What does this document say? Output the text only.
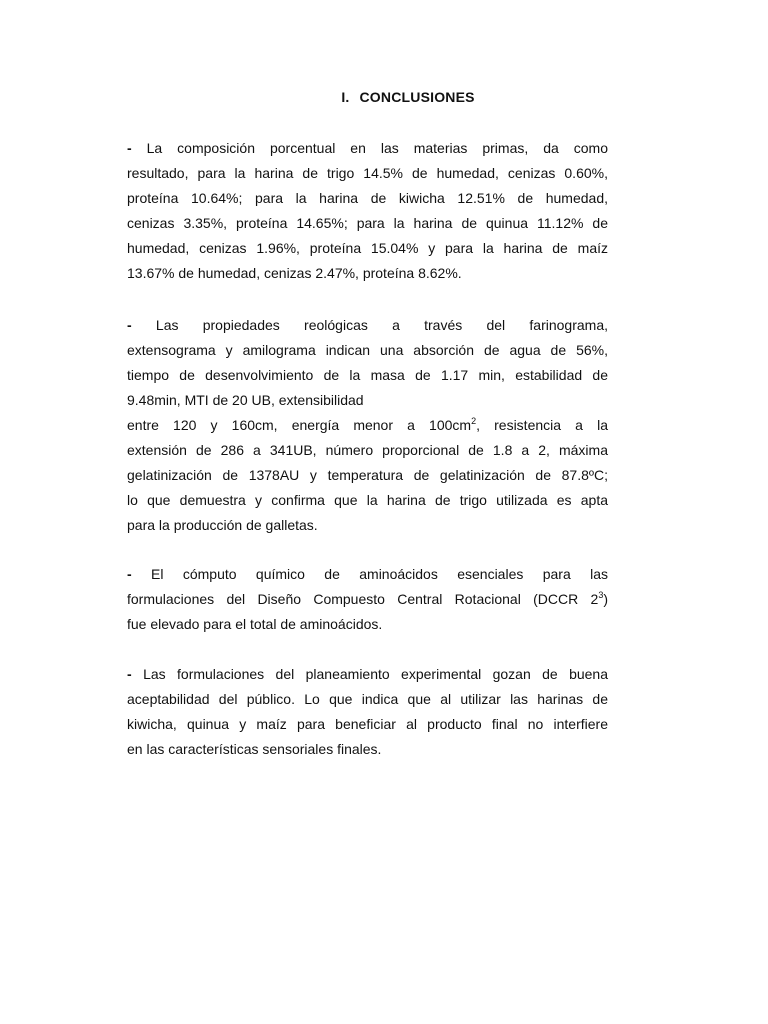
I. CONCLUSIONES
- La composición porcentual en las materias primas, da como
resultado, para la harina de trigo 14.5% de humedad, cenizas 0.60%,
proteína 10.64%; para la harina de kiwicha 12.51% de humedad,
cenizas 3.35%, proteína 14.65%; para la harina de quinua 11.12% de
humedad, cenizas 1.96%, proteína 15.04% y para la harina de maíz
13.67% de humedad, cenizas 2.47%, proteína 8.62%.
- Las propiedades reológicas a través del farinograma,
extensograma y amilograma indican una absorción de agua de 56%,
tiempo de desenvolvimiento de la masa de 1.17 min, estabilidad de
9.48min, MTI de 20 UB, extensibilidad
entre 120 y 160cm, energía menor a $100cm^2$, resistencia a la
extensión de 286 a 341UB, número proporcional de 1.8 a 2, máxima
gelatinización de 1378AU y temperatura de gelatinización de 87.8ºC;
lo que demuestra y confirma que la harina de trigo utilizada es apta
para la producción de galletas.
- El cómputo químico de aminoácidos esenciales para las
formulaciones del Diseño Compuesto Central Rotacional (DCCR $2^3$)
fue elevado para el total de aminoácidos.
- Las formulaciones del planeamiento experimental gozan de buena
aceptabilidad del público. Lo que indica que al utilizar las harinas de
kiwicha, quinua y maíz para beneficiar al producto final no interfiere
en las características sensoriales finales.
